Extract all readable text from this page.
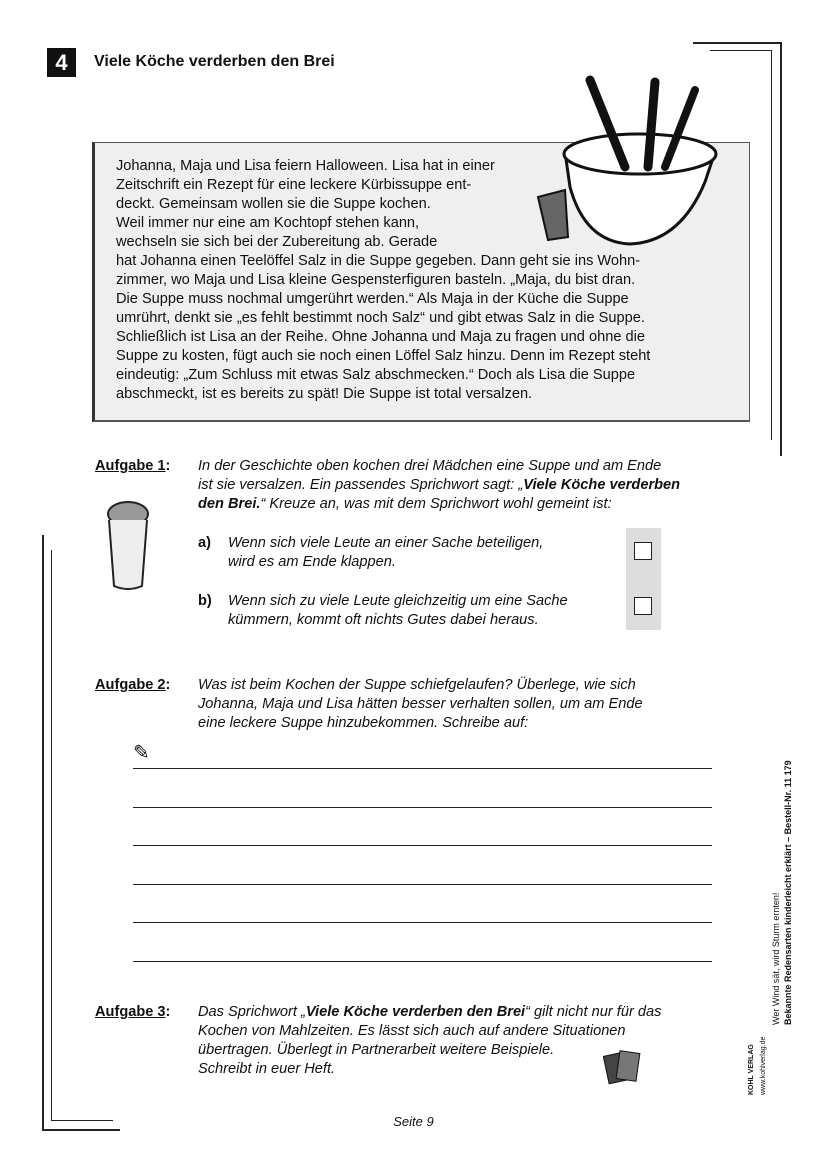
4	Viele Köche verderben den Brei
Johanna, Maja und Lisa feiern Halloween. Lisa hat in einer
Zeitschrift ein Rezept für eine leckere Kürbissuppe ent-
deckt. Gemeinsam wollen sie die Suppe kochen.
Weil immer nur eine am Kochtopf stehen kann,
wechseln sie sich bei der Zubereitung ab. Gerade
hat Johanna einen Teelöffel Salz in die Suppe gegeben. Dann geht sie ins Wohn-
zimmer, wo Maja und Lisa kleine Gespensterfiguren basteln. „Maja, du bist dran.
Die Suppe muss nochmal umgerührt werden.“ Als Maja in der Küche die Suppe
umrührt, denkt sie „es fehlt bestimmt noch Salz“ und gibt etwas Salz in die Suppe.
Schließlich ist Lisa an der Reihe. Ohne Johanna und Maja zu fragen und ohne die
Suppe zu kosten, fügt auch sie noch einen Löffel Salz hinzu. Denn im Rezept steht
eindeutig: „Zum Schluss mit etwas Salz abschmecken.“ Doch als Lisa die Suppe
abschmeckt, ist es bereits zu spät! Die Suppe ist total versalzen.
Aufgabe 1: In der Geschichte oben kochen drei Mädchen eine Suppe und am Ende
ist sie versalzen. Ein passendes Sprichwort sagt: „Viele Köche verderben
den Brei.“ Kreuze an, was mit dem Sprichwort wohl gemeint ist:
a) Wenn sich viele Leute an einer Sache beteiligen,
wird es am Ende klappen.
b) Wenn sich zu viele Leute gleichzeitig um eine Sache
kümmern, kommt oft nichts Gutes dabei heraus.
Aufgabe 2: Was ist beim Kochen der Suppe schiefgelaufen? Überlege, wie sich
Johanna, Maja und Lisa hätten besser verhalten sollen, um am Ende
eine leckere Suppe hinzubekommen. Schreibe auf:
✎
Aufgabe 3: Das Sprichwort „Viele Köche verderben den Brei“ gilt nicht nur für das
Kochen von Mahlzeiten. Es lässt sich auch auf andere Situationen
übertragen. Überlegt in Partnerarbeit weitere Beispiele.
Schreibt in euer Heft.	KOHL VERLAG www.kohlverlag.de
Wer Wind sät, wird Sturm ernten! Bekannte Redensarten kinderleicht erklärt – Bestell-Nr. 11 179
Seite 9
